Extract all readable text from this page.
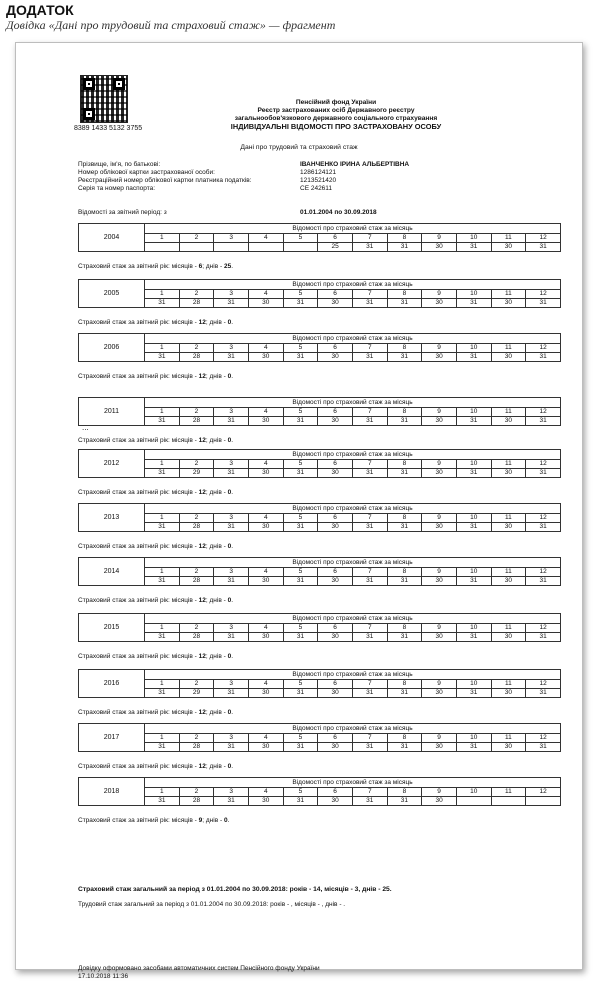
ДОДАТОК
Довідка «Дані про трудовий та страховий стаж» — фрагмент
8389 1433 5132 3755
Пенсійний фонд України
Реєстр застрахованих осіб Державного реєстру
загальнообов'язкового державного соціального страхування
ІНДИВІДУАЛЬНІ ВІДОМОСТІ ПРО ЗАСТРАХОВАНУ ОСОБУ
Дані про трудовий та страховий стаж
Прізвище, ім'я, по батькові:	ІВАНЧЕНКО ІРИНА АЛЬБЕРТІВНА
Номер облікової картки застрахованої особи:	1286124121
Реєстраційний номер облікової картки платника податків:	1213521420
Серія та номер паспорта:	СЕ 242611
Відомості за звітний період: з	01.01.2004 по 30.09.2018
2004	Відомості про страховий стаж за місяць											
	1	2	3	4	5	6	7	8	9	10	11	12
						25	31	31	30	31	30	31
Страховий стаж за звітний рік: місяців - 6; днів - 25.
2005	Відомості про страховий стаж за місяць											
	1	2	3	4	5	6	7	8	9	10	11	12
	31	28	31	30	31	30	31	31	30	31	30	31
Страховий стаж за звітний рік: місяців - 12; днів - 0.
2006	Відомості про страховий стаж за місяць											
	1	2	3	4	5	6	7	8	9	10	11	12
	31	28	31	30	31	30	31	31	30	31	30	31
Страховий стаж за звітний рік: місяців - 12; днів - 0.
2011	Відомості про страховий стаж за місяць											
	1	2	3	4	5	6	7	8	9	10	11	12
	31	28	31	30	31	30	31	31	30	31	30	31
Страховий стаж за звітний рік: місяців - 12; днів - 0.
2012	Відомості про страховий стаж за місяць											
	1	2	3	4	5	6	7	8	9	10	11	12
	31	29	31	30	31	30	31	31	30	31	30	31
Страховий стаж за звітний рік: місяців - 12; днів - 0.
2013	Відомості про страховий стаж за місяць											
	1	2	3	4	5	6	7	8	9	10	11	12
	31	28	31	30	31	30	31	31	30	31	30	31
Страховий стаж за звітний рік: місяців - 12; днів - 0.
2014	Відомості про страховий стаж за місяць											
	1	2	3	4	5	6	7	8	9	10	11	12
	31	28	31	30	31	30	31	31	30	31	30	31
Страховий стаж за звітний рік: місяців - 12; днів - 0.
2015	Відомості про страховий стаж за місяць											
	1	2	3	4	5	6	7	8	9	10	11	12
	31	28	31	30	31	30	31	31	30	31	30	31
Страховий стаж за звітний рік: місяців - 12; днів - 0.
2016	Відомості про страховий стаж за місяць											
	1	2	3	4	5	6	7	8	9	10	11	12
	31	29	31	30	31	30	31	31	30	31	30	31
Страховий стаж за звітний рік: місяців - 12; днів - 0.
2017	Відомості про страховий стаж за місяць											
	1	2	3	4	5	6	7	8	9	10	11	12
	31	28	31	30	31	30	31	31	30	31	30	31
Страховий стаж за звітний рік: місяців - 12; днів - 0.
2018	Відомості про страховий стаж за місяць											
	1	2	3	4	5	6	7	8	9	10	11	12
	31	28	31	30	31	30	31	31	30			
Страховий стаж за звітний рік: місяців - 9; днів - 0.
...
Страховий стаж загальний за період з 01.01.2004 по 30.09.2018: років - 14, місяців - 3, днів - 25.
Трудовий стаж загальний за період з 01.01.2004 по 30.09.2018: років - , місяців - , днів - .
Довідку оформовано засобами автоматичних систем Пенсійного фонду України
17.10.2018 11:36
